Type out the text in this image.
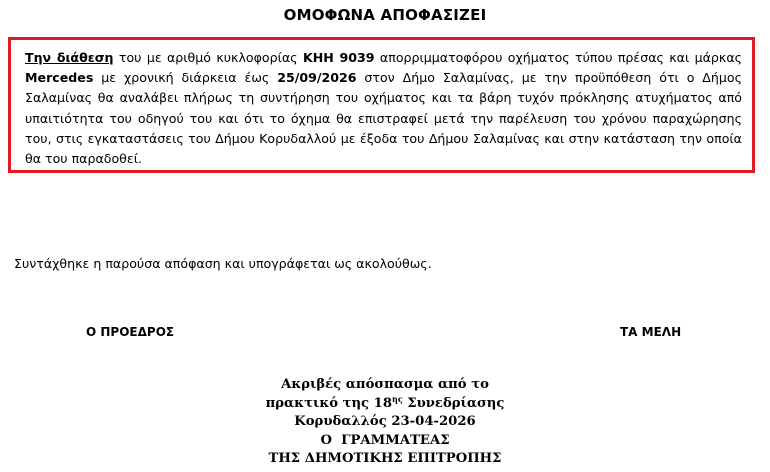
ΟΜΟΦΩΝΑ ΑΠΟΦΑΣΙΖΕΙ

Την διάθεση του με αριθμό κυκλοφορίας ΚΗΗ 9039 απορριμματοφόρου οχήματος τύπου πρέσας και μάρκας Mercedes με χρονική διάρκεια έως 25/09/2026 στον Δήμο Σαλαμίνας, με την προϋπόθεση ότι ο Δήμος Σαλαμίνας θα αναλάβει πλήρως τη συντήρηση του οχήματος και τα βάρη τυχόν πρόκλησης ατυχήματος από υπαιτιότητα του οδηγού του και ότι το όχημα θα επιστραφεί μετά την παρέλευση του χρόνου παραχώρησης του, στις εγκαταστάσεις του Δήμου Κορυδαλλού με έξοδα του Δήμου Σαλαμίνας και στην κατάσταση την οποία θα του παραδοθεί.

Συντάχθηκε η παρούσα απόφαση και υπογράφεται ως ακολούθως.
Ο ΠΡΟΕΔΡΟΣ	ΤΑ ΜΕΛΗ
Ακριβές απόσπασμα από το
πρακτικό της $18^{\eta\varsigma}$ Συνεδρίασης
Κορυδαλλός 23-04-2026
Ο  ΓΡΑΜΜΑΤΕΑΣ
ΤΗΣ ΔΗΜΟΤΙΚΗΣ ΕΠΙΤΡΟΠΗΣ
